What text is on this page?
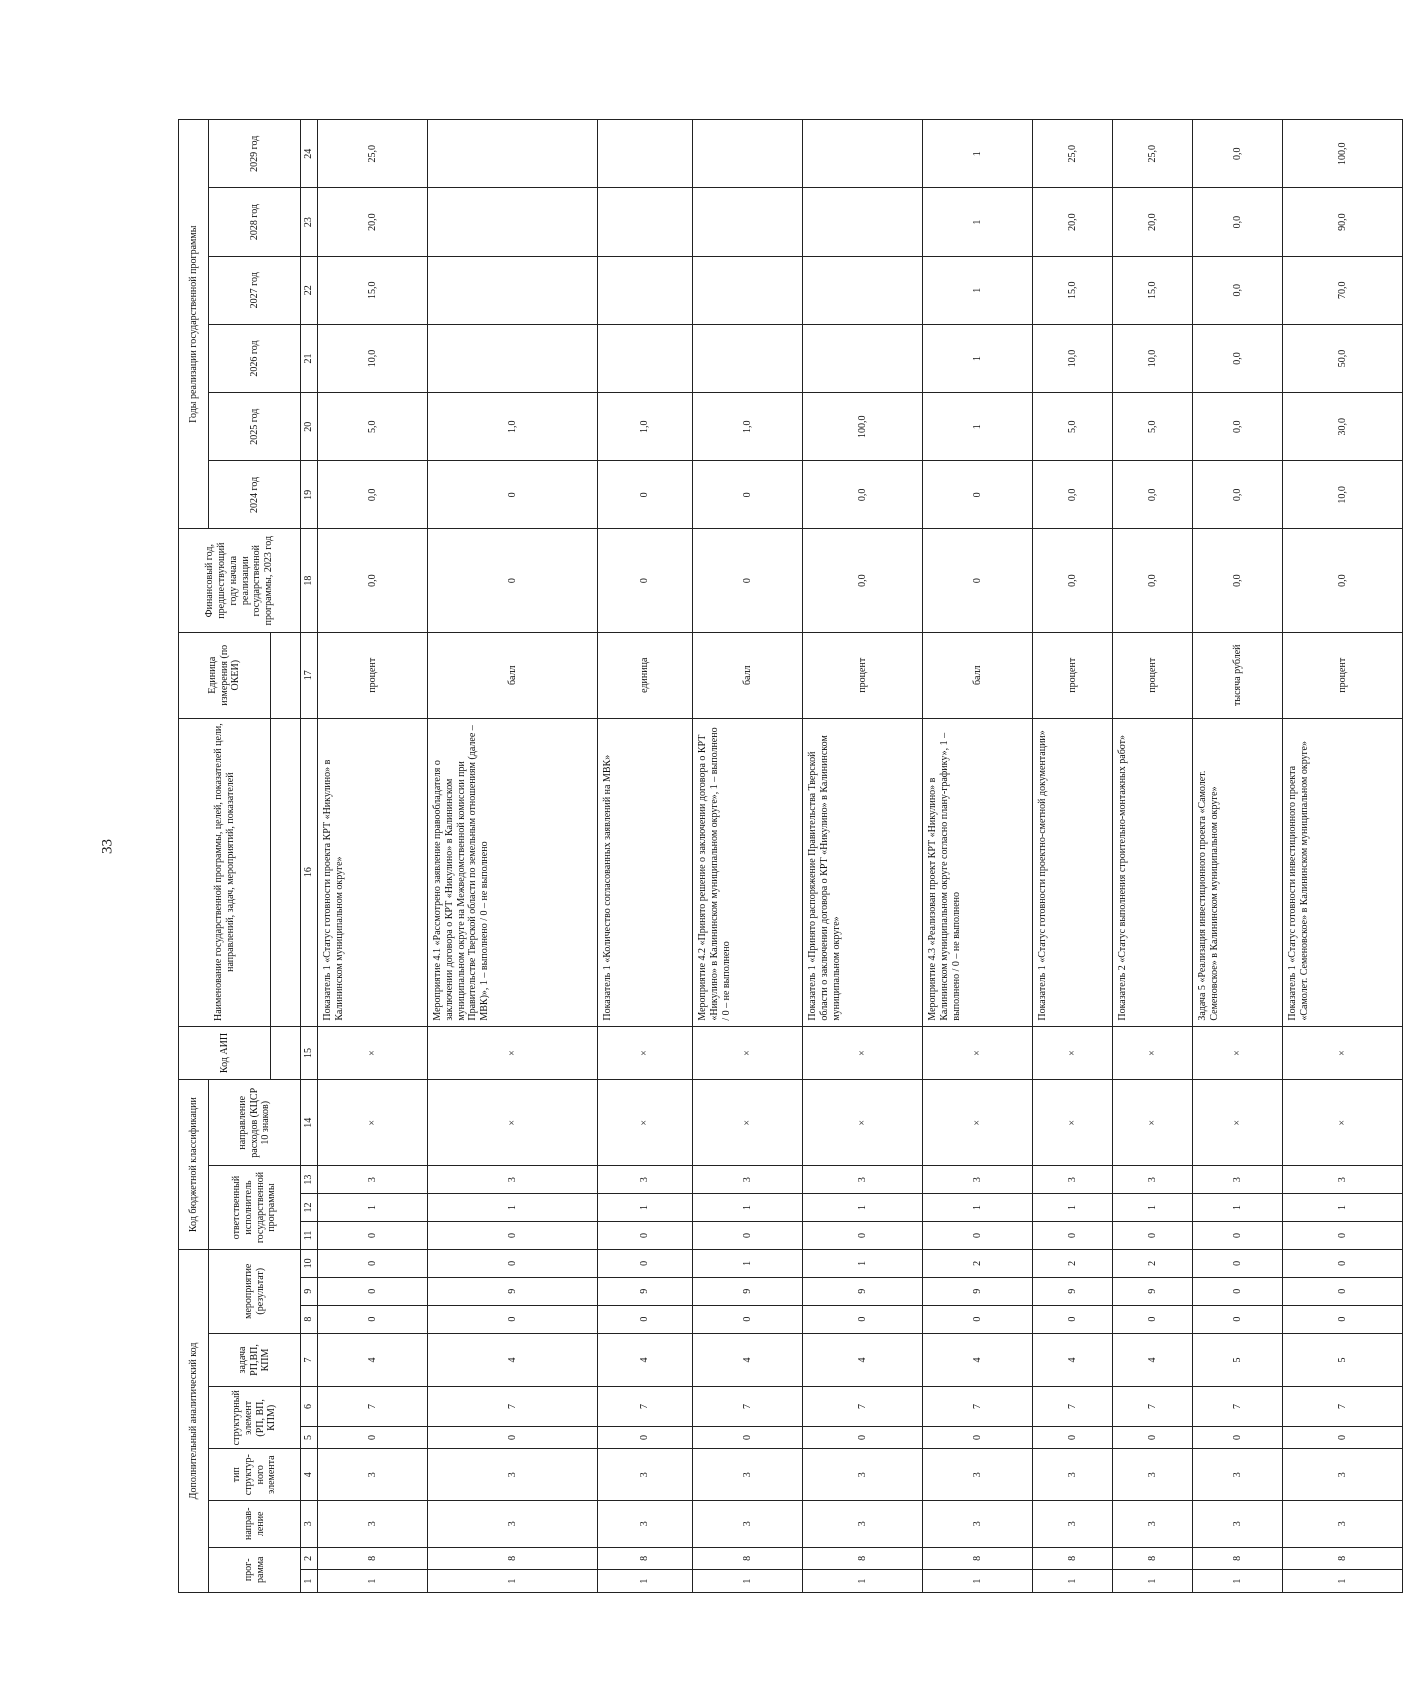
33
Дополнительный аналитический код										Код бюджетной классификации				Код АИП	Наименование государственной программы, целей, показателей цели, направлений, задач, мероприятий, показателей	Единица измерения (по ОКЕИ)	Финансовый год, предшествующий году начала реализации государственной программы, 2023 год	Годы реализации государственной программы					
прог-рамма		направ-ление	тип структур-ного элемента	структурный элемент (РП, ВП, КПМ)		задача РП,ВП, КПМ	мероприятие (результат)			ответственный исполнитель государственной программы			направление расходов (КЦСР 10 знаков)					2024 год	2025 год	2026 год	2027 год	2028 год	2029 год

1	2	3	4	5	6	7	8	9	10	11	12	13	14	15	16	17	18	19	20	21	22	23	24
1	8	3	3	0	7	4	0	0	0	0	1	3	×	×	Показатель 1 «Статус готовности проекта КРТ «Никулино» в Калининском муниципальном округе»	процент	0,0	0,0	5,0	10,0	15,0	20,0	25,0
1	8	3	3	0	7	4	0	9	0	0	1	3	×	×	Мероприятие 4.1 «Рассмотрено заявление правообладателя о заключении договора о КРТ «Никулино» в Калининском муниципальном округе на Межведомственной комиссии при Правительстве Тверской области по земельным отношениям (далее – МВК)», 1 – выполнено / 0 – не выполнено	балл	0	0	1,0				
1	8	3	3	0	7	4	0	9	0	0	1	3	×	×	Показатель 1 «Количество согласованных заявлений на МВК»	единица	0	0	1,0				
1	8	3	3	0	7	4	0	9	1	0	1	3	×	×	Мероприятие 4.2 «Принято решение о заключении договора о КРТ «Никулино» в Калининском муниципальном округе», 1 – выполнено / 0 – не выполнено	балл	0	0	1,0				
1	8	3	3	0	7	4	0	9	1	0	1	3	×	×	Показатель 1 «Принято распоряжение Правительства Тверской области о заключении договора о КРТ «Никулино» в Калининском муниципальном округе»	процент	0,0	0,0	100,0				
1	8	3	3	0	7	4	0	9	2	0	1	3	×	×	Мероприятие 4.3 «Реализован проект КРТ «Никулино» в Калининском муниципальном округе согласно плану-графику», 1 – выполнено / 0 – не выполнено	балл	0	0	1	1	1	1	1
1	8	3	3	0	7	4	0	9	2	0	1	3	×	×	Показатель 1 «Статус готовности проектно-сметной документации»	процент	0,0	0,0	5,0	10,0	15,0	20,0	25,0
1	8	3	3	0	7	4	0	9	2	0	1	3	×	×	Показатель 2 «Статус выполнения строительно-монтажных работ»	процент	0,0	0,0	5,0	10,0	15,0	20,0	25,0
1	8	3	3	0	7	5	0	0	0	0	1	3	×	×	Задача 5 «Реализация инвестиционного проекта «Самолет. Семеновское» в Калининском муниципальном округе»	тысяча рублей	0,0	0,0	0,0	0,0	0,0	0,0	0,0
1	8	3	3	0	7	5	0	0	0	0	1	3	×	×	Показатель 1 «Статус готовности инвестиционного проекта «Самолет. Семеновское» в Калининском муниципальном округе»	процент	0,0	10,0	30,0	50,0	70,0	90,0	100,0
